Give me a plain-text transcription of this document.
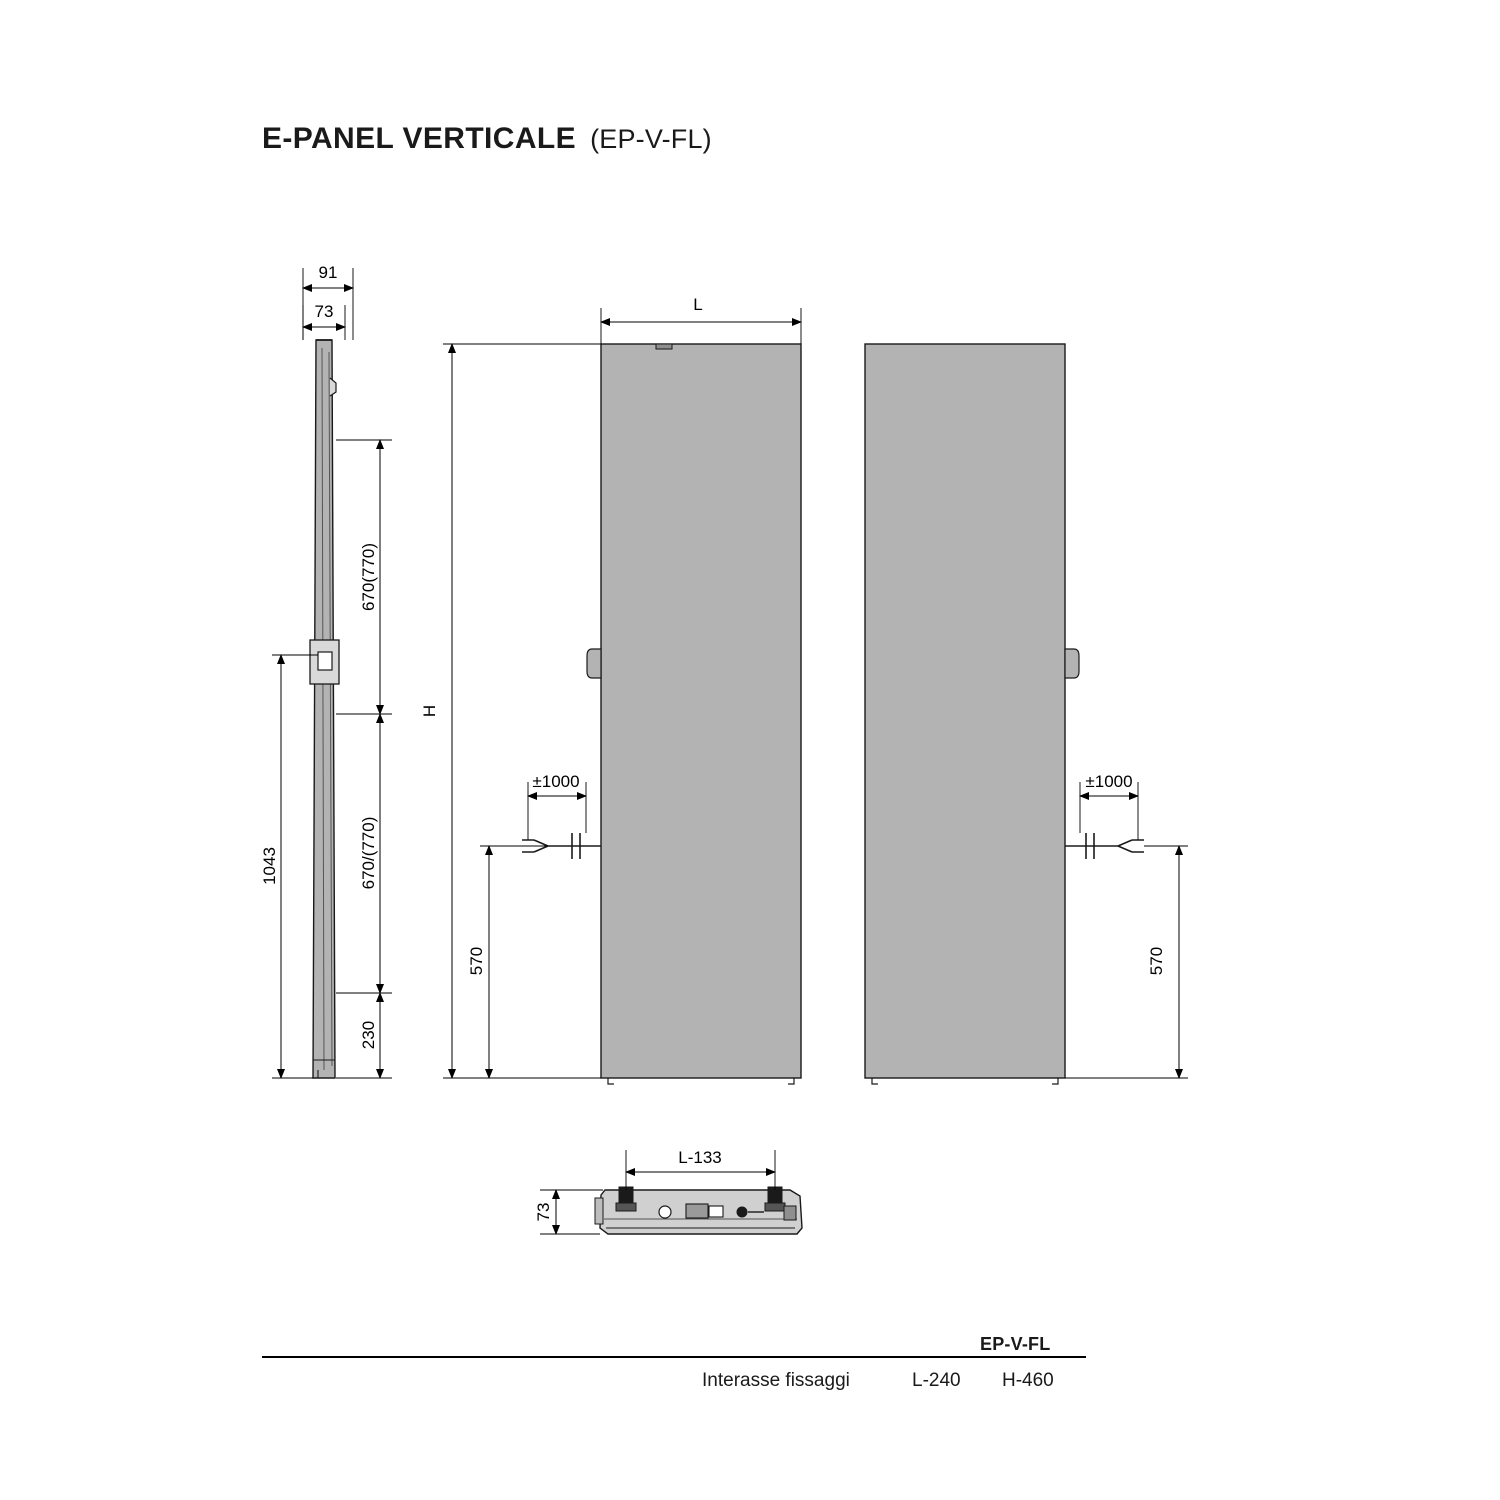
E-PANEL VERTICALE (EP-V-FL)
91
73
670(770)
670/(770)
230
1043
L
H
±1000
570
±1000
570
L-133
73
EP-V-FL
Interasse fissaggi	L-240 H-460
